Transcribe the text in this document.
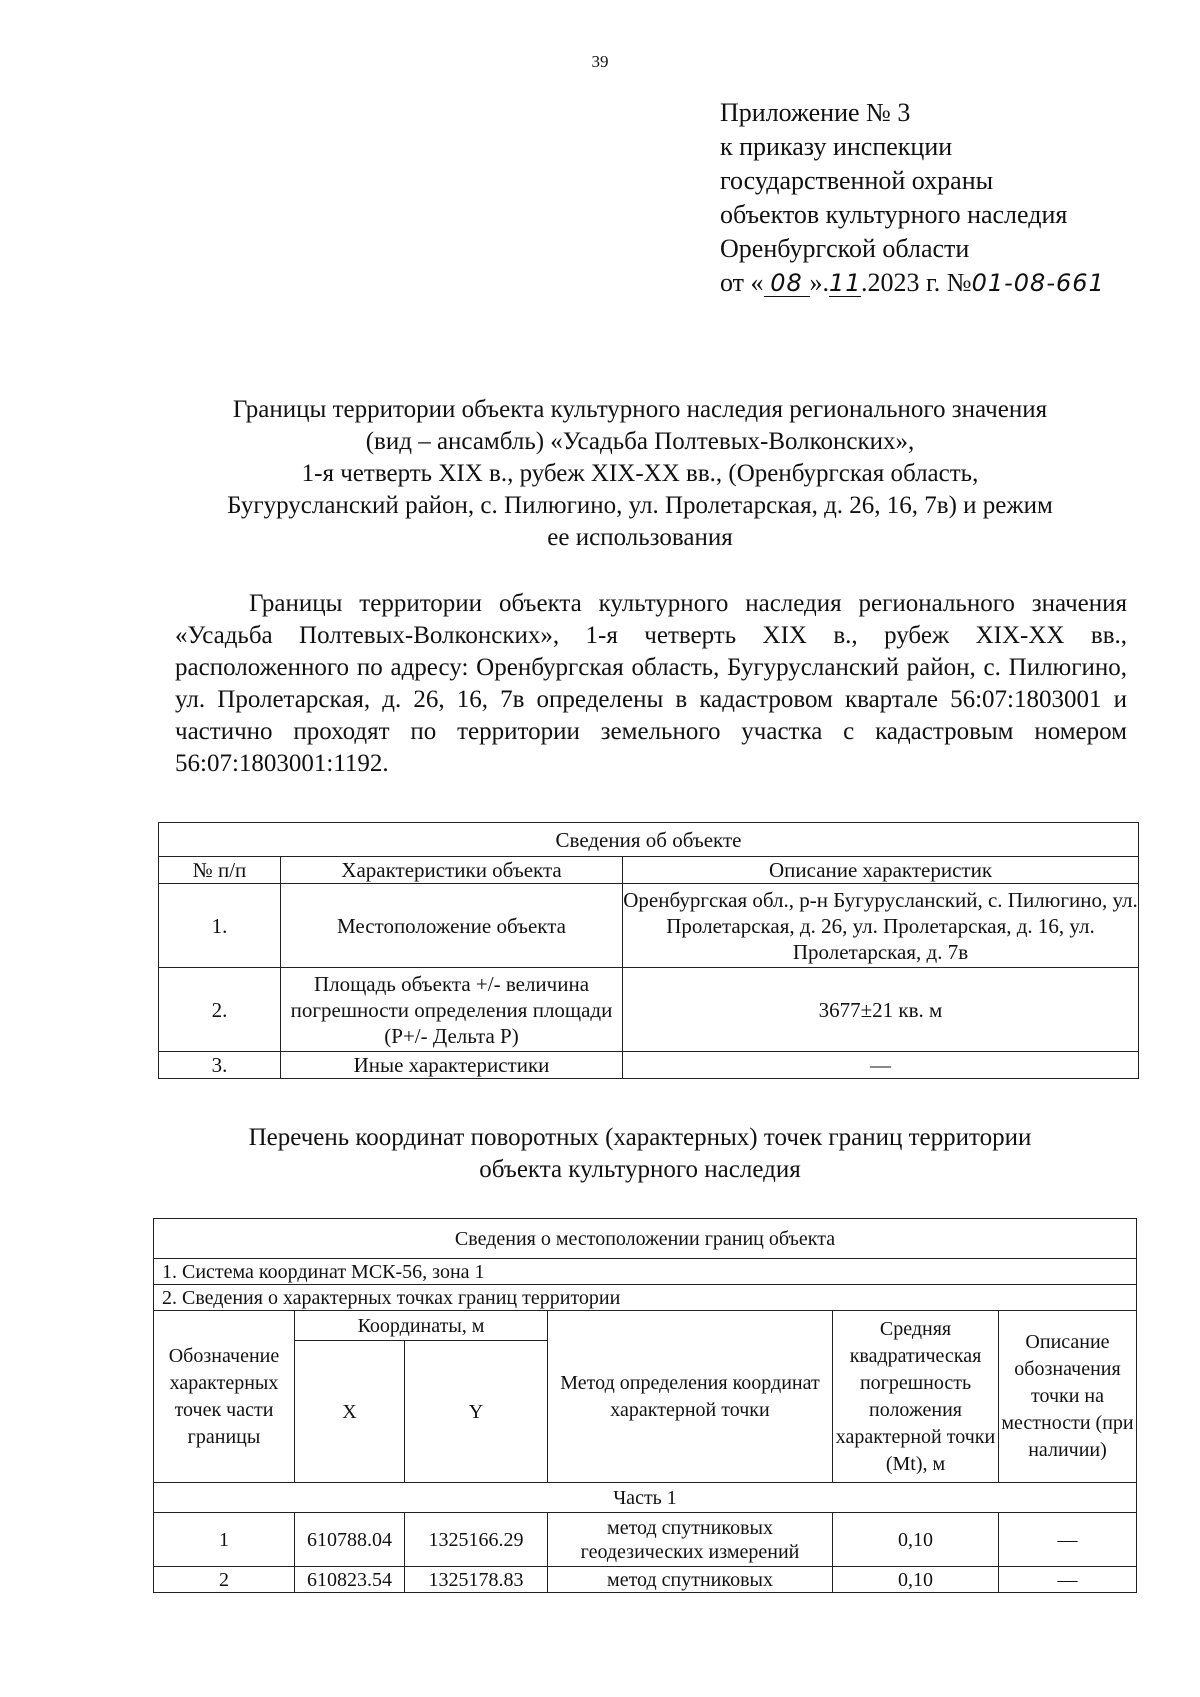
39
Приложение № 3
к приказу инспекции
государственной охраны
объектов культурного наследия
Оренбургской области
от « 08 ».11.2023 г. №01-08-661
Границы территории объекта культурного наследия регионального значения
(вид – ансамбль) «Усадьба Полтевых-Волконских»,
1-я четверть XIX в., рубеж XIX-XX вв., (Оренбургская область,
Бугурусланский район, с. Пилюгино, ул. Пролетарская, д. 26, 16, 7в) и режим
ее использования
Границы территории объекта культурного наследия регионального значения «Усадьба Полтевых-Волконских», 1-я четверть XIX в., рубеж XIX-XX вв., расположенного по адресу: Оренбургская область, Бугурусланский район, с. Пилюгино, ул. Пролетарская, д. 26, 16, 7в определены в кадастровом квартале 56:07:1803001 и частично проходят по территории земельного участка с кадастровым номером 56:07:1803001:1192.
Сведения об объекте		
№ п/п	Характеристики объекта	Описание характеристик
1.	Местоположение объекта	Оренбургская обл., р-н Бугурусланский, с. Пилюгино, ул. Пролетарская, д. 26, ул. Пролетарская, д. 16, ул. Пролетарская, д. 7в
2.	Площадь объекта +/- величина погрешности определения площади (Р+/- Дельта Р)	3677±21 кв. м
3.	Иные характеристики	—
Перечень координат поворотных (характерных) точек границ территории
объекта культурного наследия
Сведения о местоположении границ объекта					
1. Система координат МСК-56, зона 1					
2. Сведения о характерных точках границ территории					
Обозначение характерных точек части границы	Координаты, м		Метод определения координат характерной точки	Средняя квадратическая погрешность положения характерной точки (Mt), м	Описание обозначения точки на местности (при наличии)
	X	Y			
Часть 1					
1	610788.04	1325166.29	метод спутниковых геодезических измерений	0,10	—
2	610823.54	1325178.83	метод спутниковых	0,10	—
